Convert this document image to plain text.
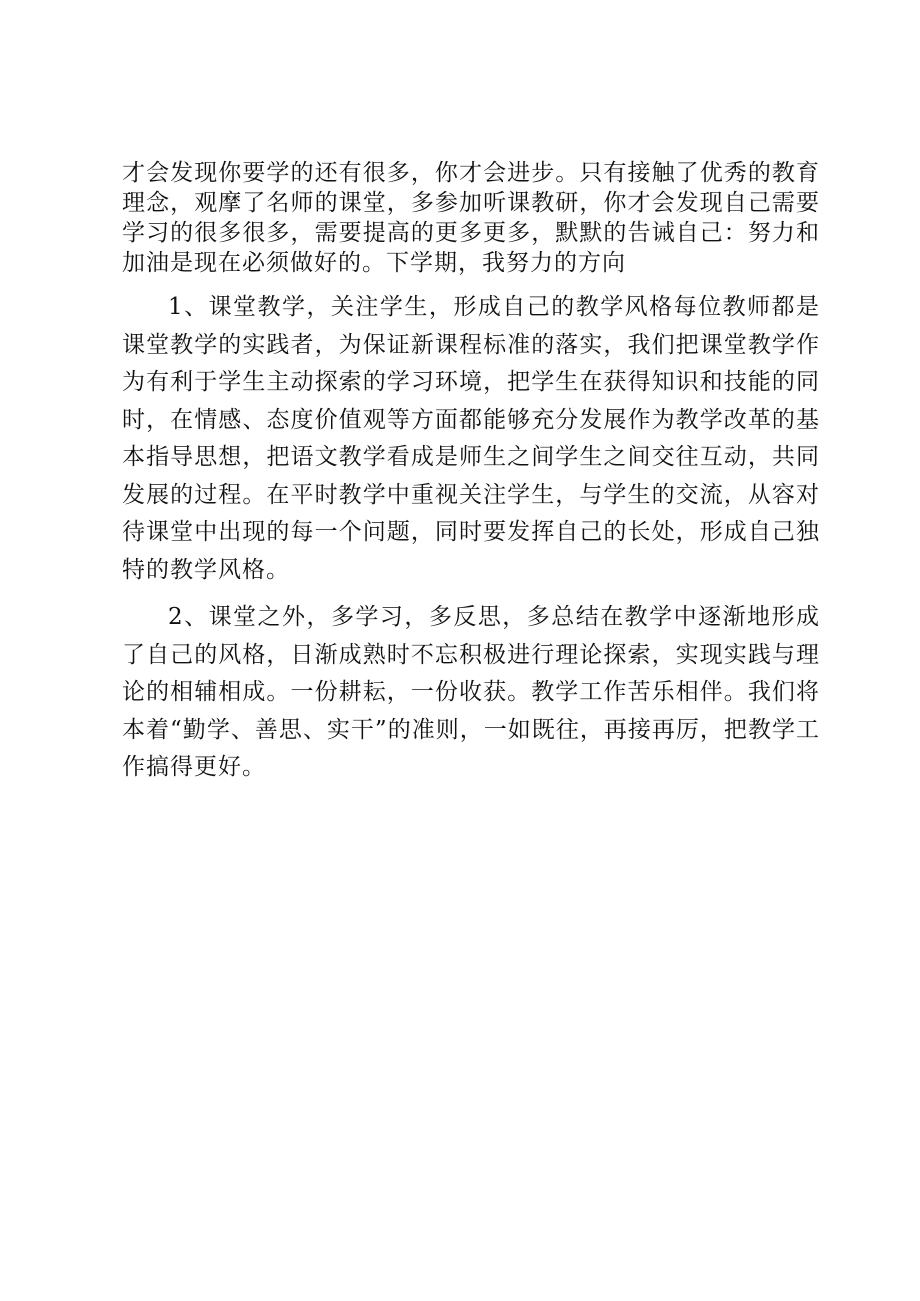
才会发现你要学的还有很多，你才会进步。只有接触了优秀的教育理念，观摩了名师的课堂，多参加听课教研，你才会发现自己需要学习的很多很多，需要提高的更多更多，默默的告诫自己：努力和加油是现在必须做好的。下学期，我努力的方向

1、课堂教学，关注学生，形成自己的教学风格每位教师都是课堂教学的实践者，为保证新课程标准的落实，我们把课堂教学作为有利于学生主动探索的学习环境，把学生在获得知识和技能的同时，在情感、态度价值观等方面都能够充分发展作为教学改革的基本指导思想，把语文教学看成是师生之间学生之间交往互动，共同发展的过程。在平时教学中重视关注学生，与学生的交流，从容对待课堂中出现的每一个问题，同时要发挥自己的长处，形成自己独特的教学风格。

2、课堂之外，多学习，多反思，多总结在教学中逐渐地形成了自己的风格，日渐成熟时不忘积极进行理论探索，实现实践与理论的相辅相成。一份耕耘，一份收获。教学工作苦乐相伴。我们将本着“勤学、善思、实干”的准则，一如既往，再接再厉，把教学工作搞得更好。
